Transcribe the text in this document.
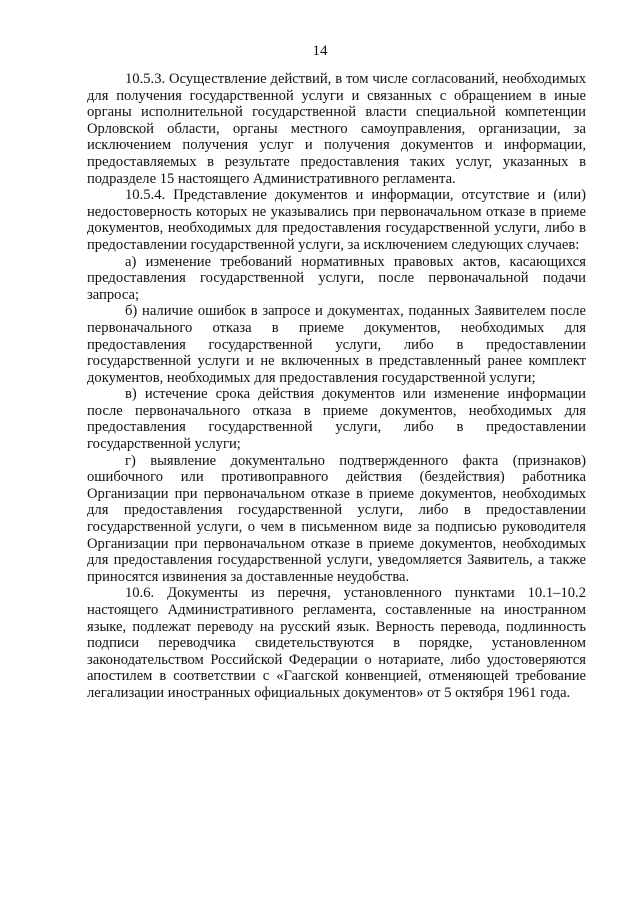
14

10.5.3. Осуществление действий, в том числе согласований, необходимых для получения государственной услуги и связанных с обращением в иные органы исполнительной государственной власти специальной компетенции Орловской области, органы местного самоуправления, организации, за исключением получения услуг и получения документов и информации, предоставляемых в результате предоставления таких услуг, указанных в подразделе 15 настоящего Административного регламента.

10.5.4. Представление документов и информации, отсутствие и (или) недостоверность которых не указывались при первоначальном отказе в приеме документов, необходимых для предоставления государственной услуги, либо в предоставлении государственной услуги, за исключением следующих случаев:

а) изменение требований нормативных правовых актов, касающихся предоставления государственной услуги, после первоначальной подачи запроса;

б) наличие ошибок в запросе и документах, поданных Заявителем после первоначального отказа в приеме документов, необходимых для предоставления государственной услуги, либо в предоставлении государственной услуги и не включенных в представленный ранее комплект документов, необходимых для предоставления государственной услуги;

в) истечение срока действия документов или изменение информации после первоначального отказа в приеме документов, необходимых для предоставления государственной услуги, либо в предоставлении государственной услуги;

г) выявление документально подтвержденного факта (признаков) ошибочного или противоправного действия (бездействия) работника Организации при первоначальном отказе в приеме документов, необходимых для предоставления государственной услуги, либо в предоставлении государственной услуги, о чем в письменном виде за подписью руководителя Организации при первоначальном отказе в приеме документов, необходимых для предоставления государственной услуги, уведомляется Заявитель, а также приносятся извинения за доставленные неудобства.

10.6. Документы из перечня, установленного пунктами 10.1–10.2 настоящего Административного регламента, составленные на иностранном языке, подлежат переводу на русский язык. Верность перевода, подлинность подписи переводчика свидетельствуются в порядке, установленном законодательством Российской Федерации о нотариате, либо удостоверяются апостилем в соответствии с «Гаагской конвенцией, отменяющей требование легализации иностранных официальных документов» от 5 октября 1961 года.
